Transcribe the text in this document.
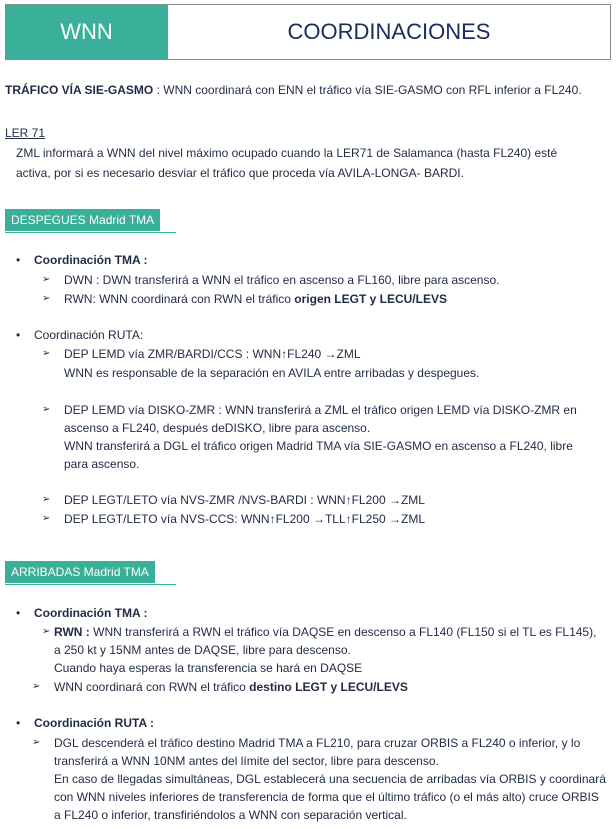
WNN	COORDINACIONES
TRÁFICO VÍA SIE-GASMO : WNN coordinará con ENN el tráfico vía SIE-GASMO con RFL inferior a FL240.
LER 71
ZML informará a WNN del nivel máximo ocupado cuando la LER71 de Salamanca (hasta FL240) esté
activa, por si es necesario desviar el tráfico que proceda vía AVILA-LONGA- BARDI.
DESPEGUES Madrid TMA
• Coordinación TMA :
➢ DWN : DWN transferirá a WNN el tráfico en ascenso a FL160, libre para ascenso.
➢ RWN: WNN coordinará con RWN el tráfico origen LEGT y LECU/LEVS
• Coordinación RUTA:
➢ DEP LEMD vía ZMR/BARDI/CCS : WNN↑FL240 →ZML
WNN es responsable de la separación en AVILA entre arribadas y despegues.
➢ DEP LEMD vía DISKO-ZMR : WNN transferirá a ZML el tráfico origen LEMD vía DISKO-ZMR en
ascenso a FL240, después deDISKO, libre para ascenso.
WNN transferirá a DGL el tráfico origen Madrid TMA vía SIE-GASMO en ascenso a FL240, libre
para ascenso.
➢ DEP LEGT/LETO vía NVS-ZMR /NVS-BARDI : WNN↑FL200 →ZML
➢ DEP LEGT/LETO vía NVS-CCS: WNN↑FL200 →TLL↑FL250 →ZML
ARRIBADAS Madrid TMA
• Coordinación TMA :
➢ RWN : WNN transferirá a RWN el tráfico vía DAQSE en descenso a FL140 (FL150 si el TL es FL145),
a 250 kt y 15NM antes de DAQSE, libre para descenso.
Cuando haya esperas la transferencia se hará en DAQSE
➢ WNN coordinará con RWN el tráfico destino LEGT y LECU/LEVS
• Coordinación RUTA :
➢ DGL descenderá el tráfico destino Madrid TMA a FL210, para cruzar ORBIS a FL240 o inferior, y lo
transferirá a WNN 10NM antes del límite del sector, libre para descenso.
En caso de llegadas simultáneas, DGL establecerá una secuencia de arribadas vía ORBIS y coordinará
con WNN niveles inferiores de transferencia de forma que el último tráfico (o el más alto) cruce ORBIS
a FL240 o inferior, transfiriéndolos a WNN con separación vertical.
